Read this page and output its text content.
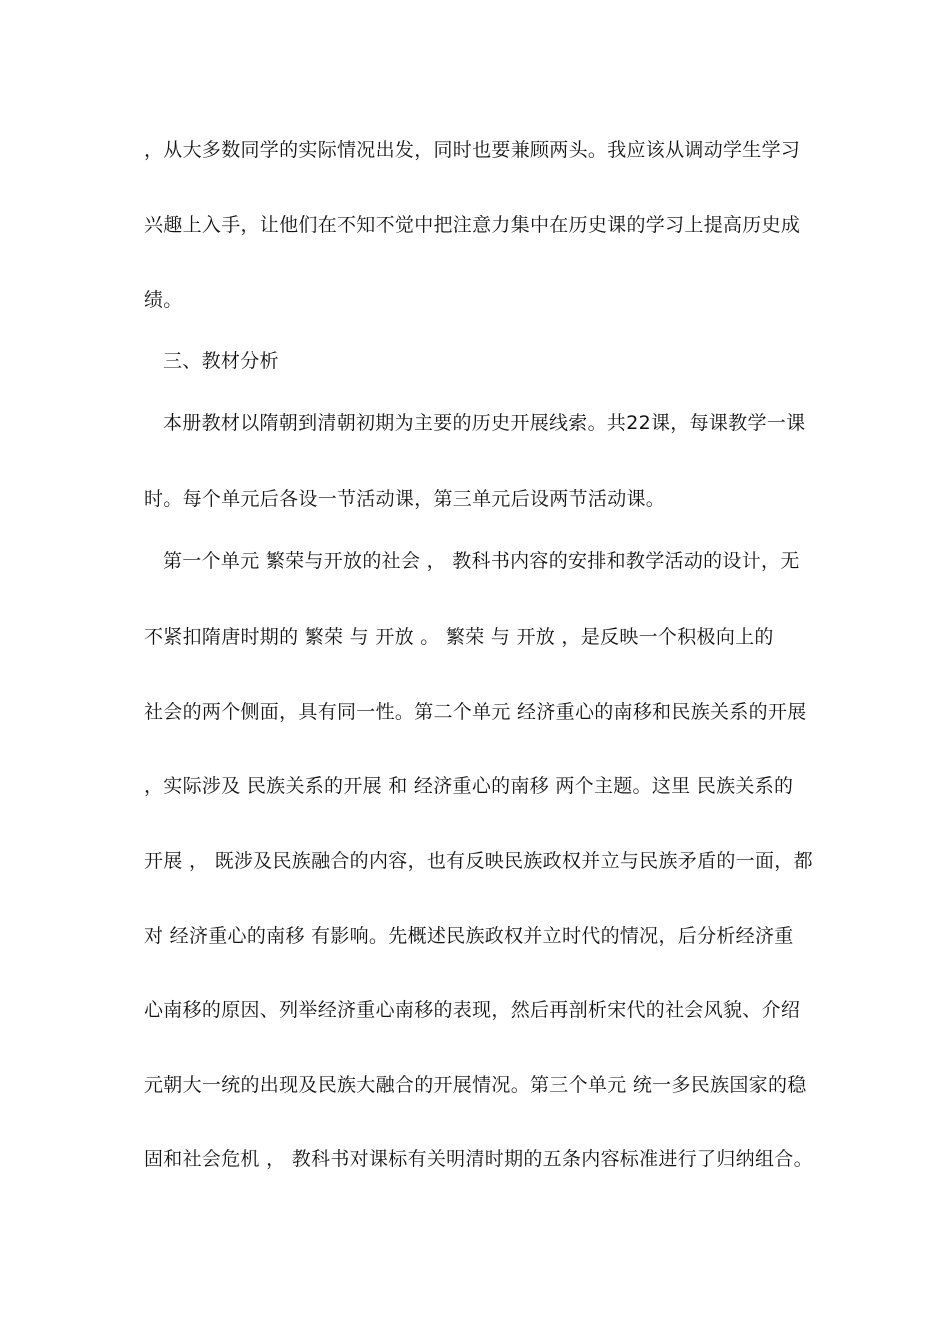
，从大多数同学的实际情况出发，同时也要兼顾两头。我应该从调动学生学习
兴趣上入手，让他们在不知不觉中把注意力集中在历史课的学习上提高历史成
绩。
三、教材分析
本册教材以隋朝到清朝初期为主要的历史开展线索。共22课，每课教学一课
时。每个单元后各设一节活动课，第三单元后设两节活动课。
第一个单元 繁荣与开放的社会 ， 教科书内容的安排和教学活动的设计，无
不紧扣隋唐时期的 繁荣 与 开放 。 繁荣 与 开放 ，是反映一个积极向上的
社会的两个侧面，具有同一性。第二个单元 经济重心的南移和民族关系的开展
，实际涉及 民族关系的开展 和 经济重心的南移 两个主题。这里 民族关系的
开展 ， 既涉及民族融合的内容，也有反映民族政权并立与民族矛盾的一面，都
对 经济重心的南移 有影响。先概述民族政权并立时代的情况，后分析经济重
心南移的原因、列举经济重心南移的表现，然后再剖析宋代的社会风貌、介绍
元朝大一统的出现及民族大融合的开展情况。第三个单元 统一多民族国家的稳
固和社会危机 ， 教科书对课标有关明清时期的五条内容标准进行了归纳组合。
